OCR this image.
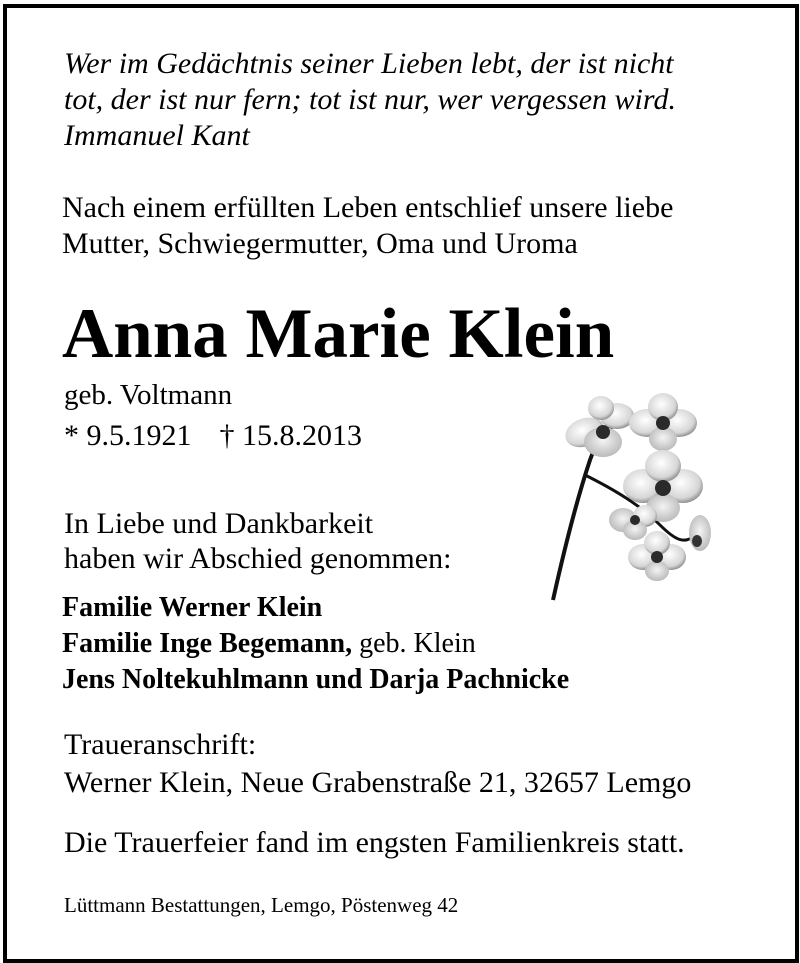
Wer im Gedächtnis seiner Lieben lebt, der ist nicht
tot, der ist nur fern; tot ist nur, wer vergessen wird.
Immanuel Kant
Nach einem erfüllten Leben entschlief unsere liebe
Mutter, Schwiegermutter, Oma und Uroma
Anna Marie Klein
geb. Voltmann
* 9.5.1921 † 15.8.2013
In Liebe und Dankbarkeit
haben wir Abschied genommen:
Familie Werner Klein
Familie Inge Begemann, geb. Klein
Jens Noltekuhlmann und Darja Pachnicke
Traueranschrift:
Werner Klein, Neue Grabenstraße 21, 32657 Lemgo
Die Trauerfeier fand im engsten Familienkreis statt.
Lüttmann Bestattungen, Lemgo, Pöstenweg 42
